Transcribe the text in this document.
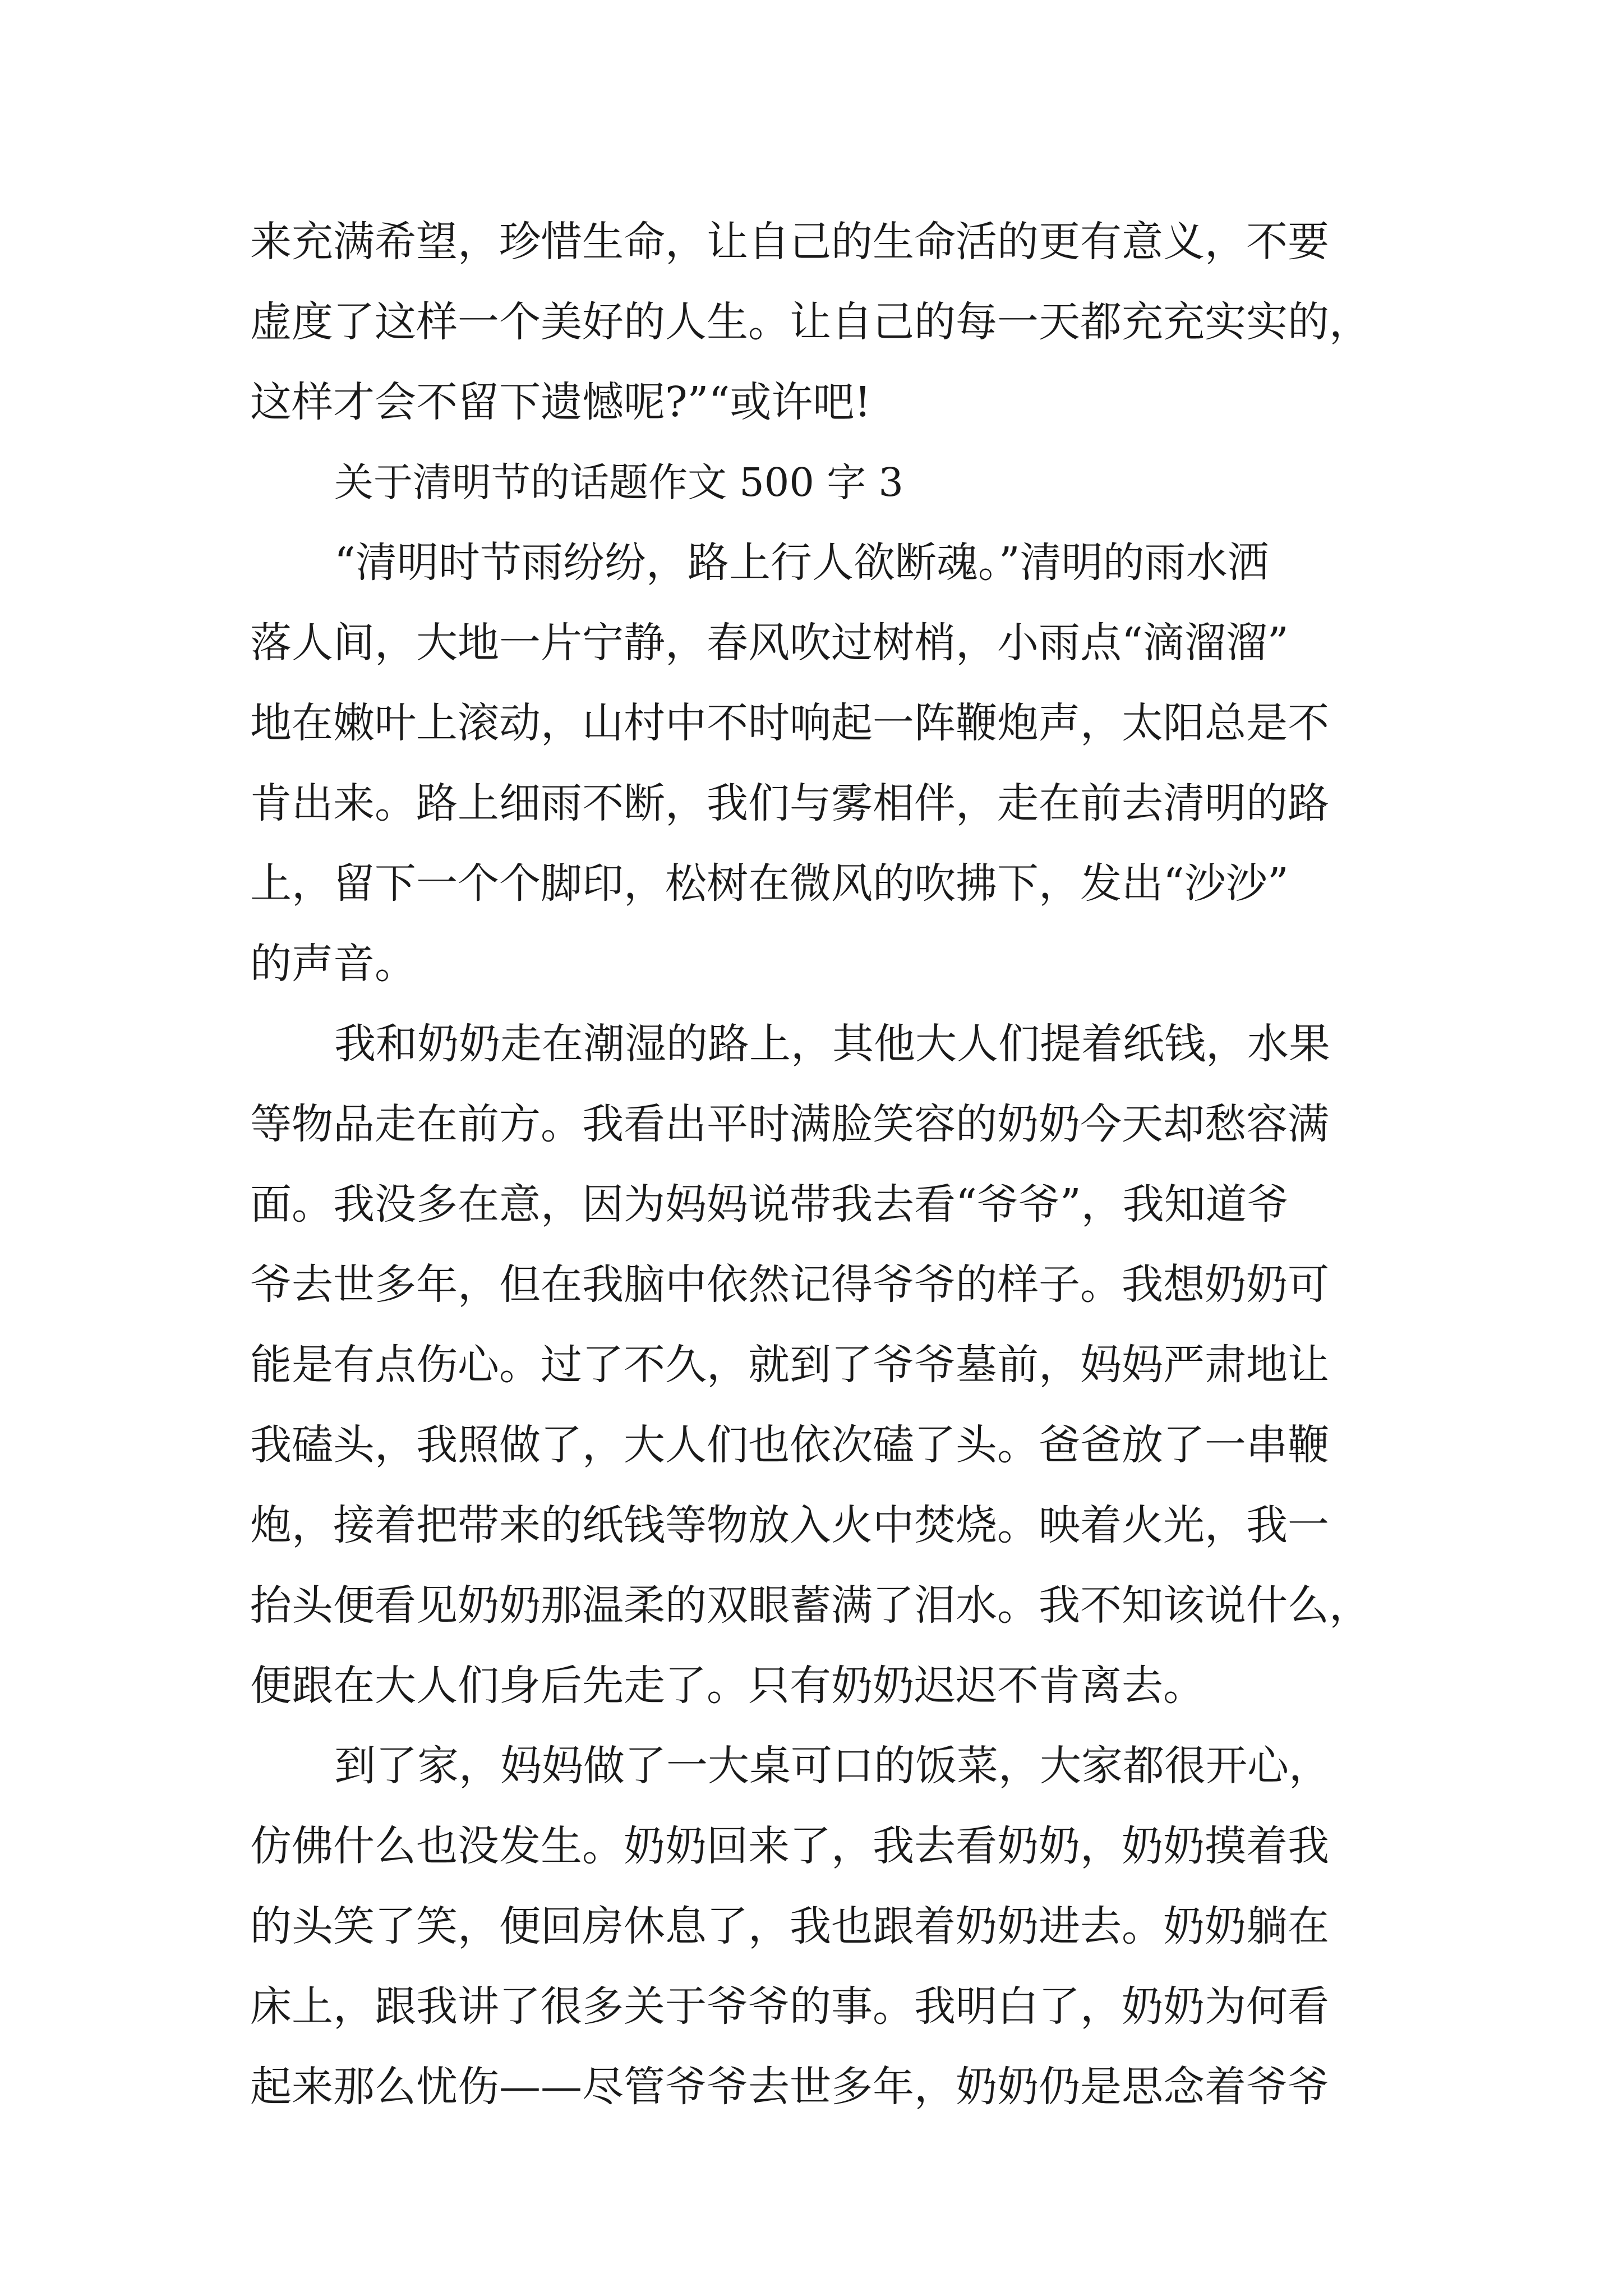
来充满希望，珍惜生命，让自己的生命活的更有意义，不要
虚度了这样一个美好的人生。让自己的每一天都充充实实的，
这样才会不留下遗憾呢?”“或许吧!
关于清明节的话题作文 500 字 3
“清明时节雨纷纷，路上行人欲断魂。”清明的雨水洒
落人间，大地一片宁静，春风吹过树梢，小雨点“滴溜溜”
地在嫩叶上滚动，山村中不时响起一阵鞭炮声，太阳总是不
肯出来。路上细雨不断，我们与雾相伴，走在前去清明的路
上，留下一个个脚印，松树在微风的吹拂下，发出“沙沙”
的声音。
我和奶奶走在潮湿的路上，其他大人们提着纸钱，水果
等物品走在前方。我看出平时满脸笑容的奶奶今天却愁容满
面。我没多在意，因为妈妈说带我去看“爷爷”，我知道爷
爷去世多年，但在我脑中依然记得爷爷的样子。我想奶奶可
能是有点伤心。过了不久，就到了爷爷墓前，妈妈严肃地让
我磕头，我照做了，大人们也依次磕了头。爸爸放了一串鞭
炮，接着把带来的纸钱等物放入火中焚烧。映着火光，我一
抬头便看见奶奶那温柔的双眼蓄满了泪水。我不知该说什么，
便跟在大人们身后先走了。只有奶奶迟迟不肯离去。
到了家，妈妈做了一大桌可口的饭菜，大家都很开心，
仿佛什么也没发生。奶奶回来了，我去看奶奶，奶奶摸着我
的头笑了笑，便回房休息了，我也跟着奶奶进去。奶奶躺在
床上，跟我讲了很多关于爷爷的事。我明白了，奶奶为何看
起来那么忧伤——尽管爷爷去世多年，奶奶仍是思念着爷爷
